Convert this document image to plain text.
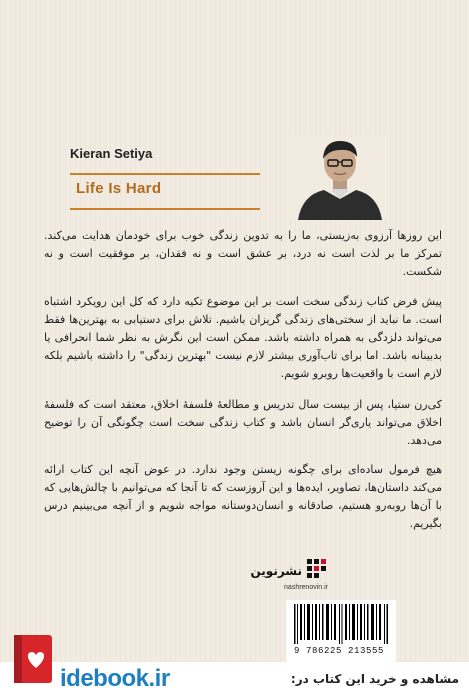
Kieran Setiya
Life Is Hard

این روزها آرزوی به‌زیستی، ما را به تدوین زندگی خوب برای خودمان هدایت می‌کند. تمرکز ما بر لذت است نه درد، بر عشق است و نه فقدان، بر موفقیت است و نه شکست.

پیش فرض کتاب زندگی سخت است بر این موضوع تکیه دارد که کل این رویکرد اشتباه است. ما نباید از سختی‌های زندگی گریزان باشیم. تلاش برای دستیابی به بهترین‌ها فقط می‌تواند دلزدگی به همراه داشته باشد. ممکن است این نگرش به نظر شما انحرافی یا بدبینانه باشد. اما برای تاب‌آوری بیشتر لازم نیست "بهترین زندگی" را داشته باشیم بلکه لازم است با واقعیت‌ها روبرو شویم.

کی‌رن ستیا، پس از بیست سال تدریس و مطالعهٔ فلسفهٔ اخلاق، معتقد است که فلسفهٔ اخلاق می‌تواند یاری‌گر انسان باشد و کتاب زندگی سخت است چگونگی آن را توضیح می‌دهد.

هیچ فرمول ساده‌ای برای چگونه زیستن وجود ندارد. در عوض آنچه این کتاب ارائه می‌کند داستان‌ها، تصاویر، ایده‌ها و این آروزست که تا آنجا که می‌توانیم با چالش‌هایی که با آن‌ها روبه‌رو هستیم، صادقانه و انسان‌دوستانه مواجه شویم و از آنچه می‌بینیم درس بگیریم.

نشرنوین
nashrenovin.ir
9 786225 213555
idebook.ir	مشاهده و خرید این کتاب در:
